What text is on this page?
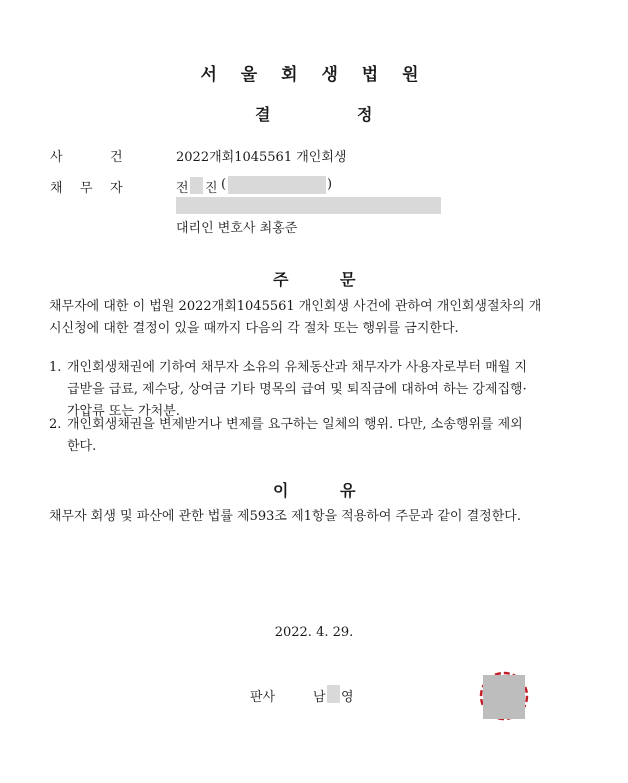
서 울 회 생 법 원
결	정
사	건	2022개회1045561 개인회생
채 무 자	전 진 (	)
대리인 변호사 최홍준
주	문
채무자에 대한 이 법원 2022개회1045561 개인회생 사건에 관하여 개인회생절차의 개
시신청에 대한 결정이 있을 때까지 다음의 각 절차 또는 행위를 금지한다.
1. 개인회생채권에 기하여 채무자 소유의 유체동산과 채무자가 사용자로부터 매월 지
급받을 급료, 제수당, 상여금 기타 명목의 급여 및 퇴직금에 대하여 하는 강제집행·
가압류 또는 가처분.
2. 개인회생채권을 변제받거나 변제를 요구하는 일체의 행위. 다만, 소송행위를 제외
한다.
이	유
채무자 회생 및 파산에 관한 법률 제593조 제1항을 적용하여 주문과 같이 결정한다.
2022. 4. 29.
판사	남 영
